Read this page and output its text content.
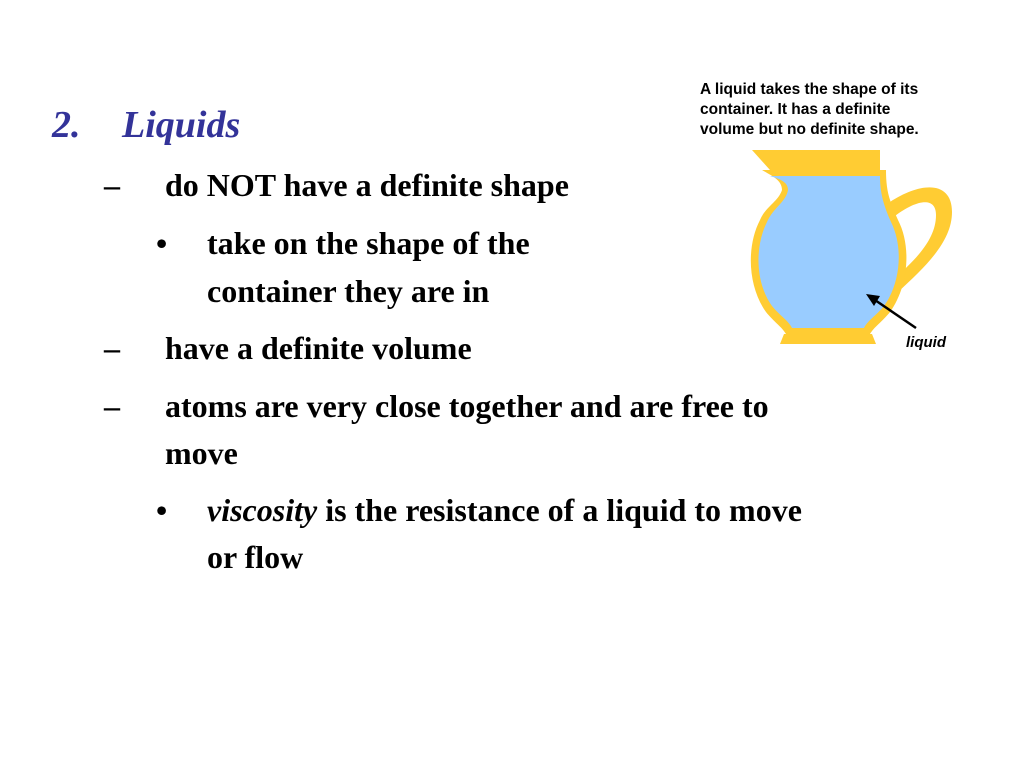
2. Liquids
– do NOT have a definite shape
• take on the shape of the
container they are in
– have a definite volume
– atoms are very close together and are free to
move
• viscosity is the resistance of a liquid to move
or flow
A liquid takes the shape of its
container. It has a definite
volume but no definite shape.
liquid
